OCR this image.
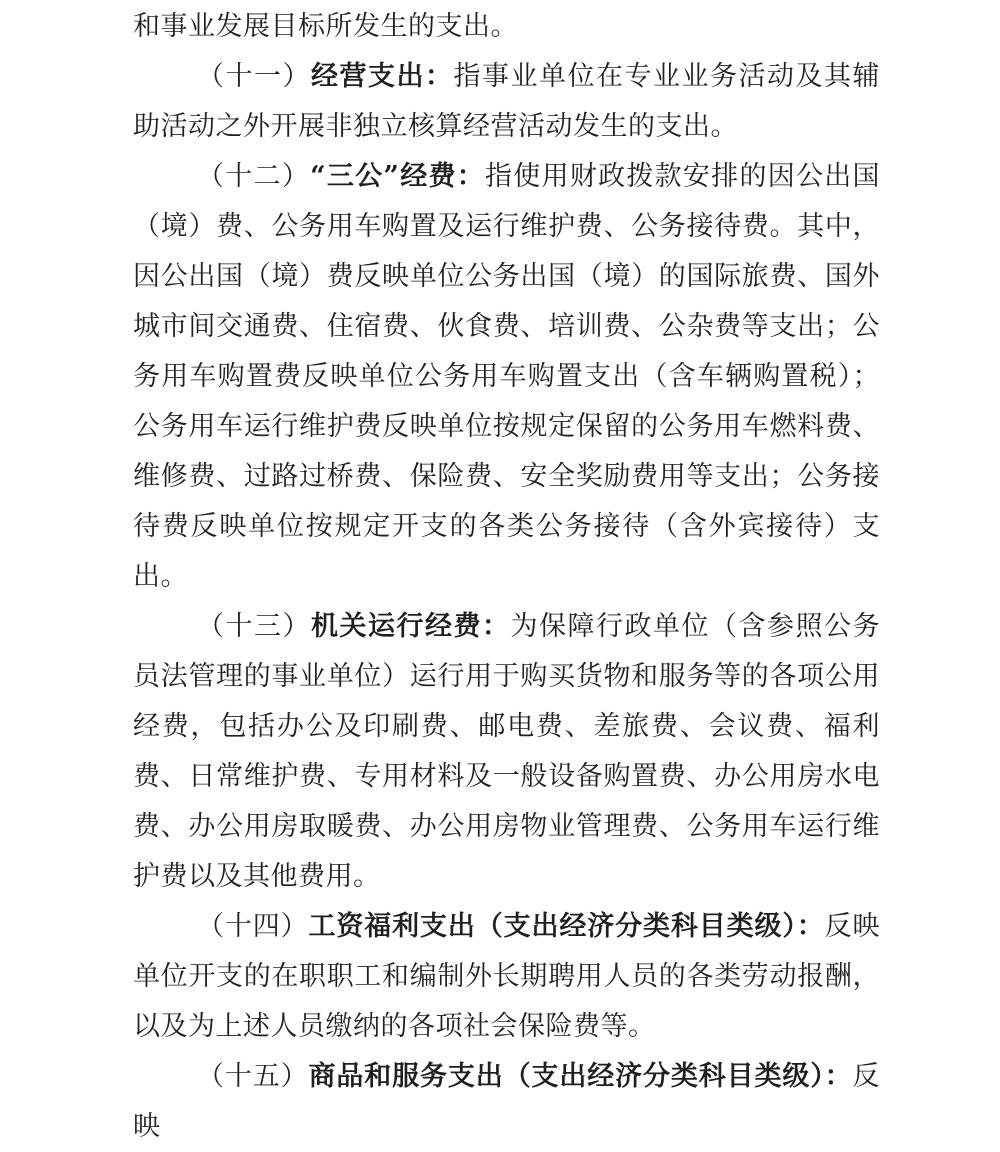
和事业发展目标所发生的支出。

（十一）经营支出：指事业单位在专业业务活动及其辅助活动之外开展非独立核算经营活动发生的支出。

（十二）“三公”经费：指使用财政拨款安排的因公出国（境）费、公务用车购置及运行维护费、公务接待费。其中，因公出国（境）费反映单位公务出国（境）的国际旅费、国外城市间交通费、住宿费、伙食费、培训费、公杂费等支出；公务用车购置费反映单位公务用车购置支出（含车辆购置税）；公务用车运行维护费反映单位按规定保留的公务用车燃料费、维修费、过路过桥费、保险费、安全奖励费用等支出；公务接待费反映单位按规定开支的各类公务接待（含外宾接待）支出。

（十三）机关运行经费：为保障行政单位（含参照公务员法管理的事业单位）运行用于购买货物和服务等的各项公用经费，包括办公及印刷费、邮电费、差旅费、会议费、福利费、日常维护费、专用材料及一般设备购置费、办公用房水电费、办公用房取暖费、办公用房物业管理费、公务用车运行维护费以及其他费用。

（十四）工资福利支出（支出经济分类科目类级）：反映单位开支的在职职工和编制外长期聘用人员的各类劳动报酬，以及为上述人员缴纳的各项社会保险费等。

（十五）商品和服务支出（支出经济分类科目类级）：反映
